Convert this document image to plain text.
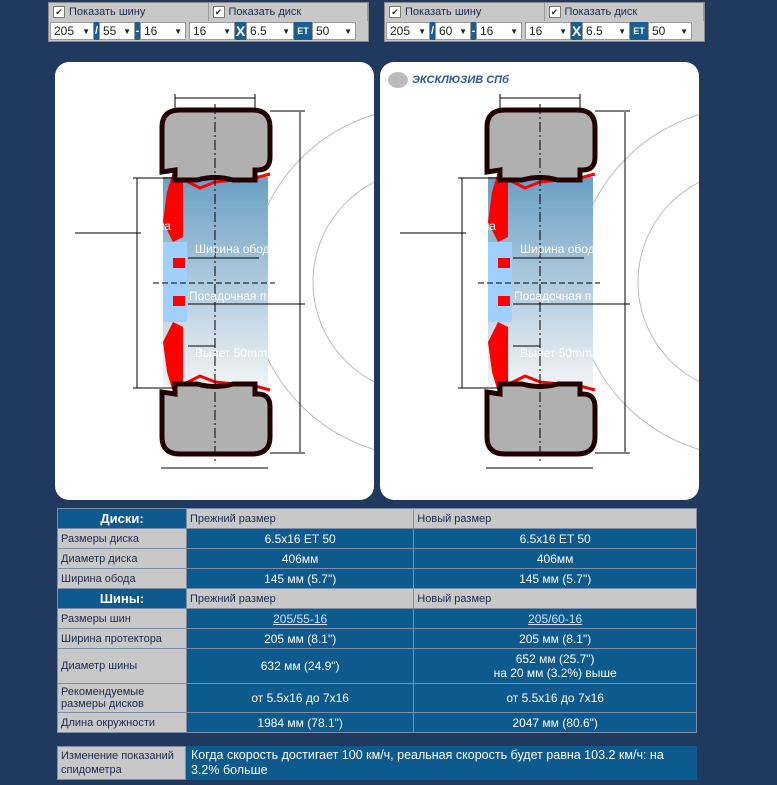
✔ Показать шину	✔ Показать диск
205 ▼ / 55 ▼ - 16 ▼ 16 ▼ X 6.5 ▼ ET 50 ▼
✔ Показать шину	✔ Показать диск
205 ▼ / 60 ▼ - 16 ▼ 16 ▼ X 6.5 ▼ ET 50 ▼
она
Ширина обода
Посадочная п
Вылет 50mm
она
Ширина обода
Посадочная п
Вылет 50mm
ЭКСКЛЮЗИВ СПб
Диски:	Прежний размер	Новый размер
Размеры диска	6.5x16 ET 50	6.5x16 ET 50
Диаметр диска	406мм	406мм
Ширина обода	145 мм (5.7")	145 мм (5.7")
Шины:	Прежний размер	Новый размер
Размеры шин	205/55-16	205/60-16
Ширина протектора	205 мм (8.1")	205 мм (8.1")
Диаметр шины	632 мм (24.9")	652 мм (25.7")
на 20 мм (3.2%) выше

Рекомендуемые размеры дисков	от 5.5x16 до 7x16	от 5.5x16 до 7x16
Длина окружности	1984 мм (78.1")	2047 мм (80.6")
Изменение показаний спидометра
Когда скорость достигает 100 км/ч, реальная скорость будет равна 103.2 км/ч: на 3.2% больше
